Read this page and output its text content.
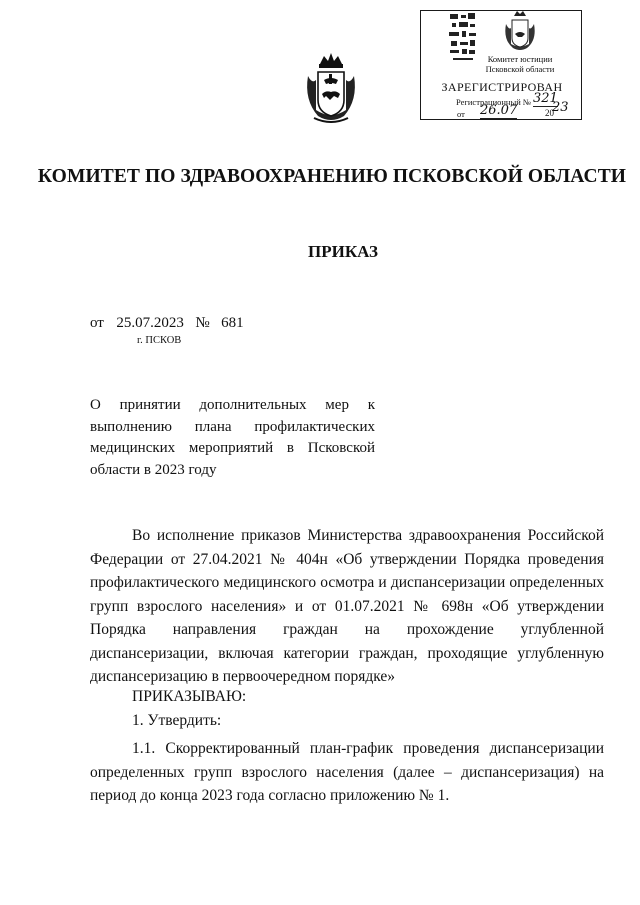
Комитет юстиции
Псковской области
ЗАРЕГИСТРИРОВАН
Регистрационный № 321
от 26.07	20
23
КОМИТЕТ ПО ЗДРАВООХРАНЕНИЮ ПСКОВСКОЙ ОБЛАСТИ
ПРИКАЗ
от 25.07.2023 № 681
г. ПСКОВ
О принятии дополнительных мер к выполнению плана профилактических медицинских мероприятий в Псковской области в 2023 году
Во исполнение приказов Министерства здравоохранения Российской Федерации от 27.04.2021 № 404н «Об утверждении Порядка проведения профилактического медицинского осмотра и диспансеризации определенных групп взрослого населения» и от 01.07.2021 № 698н «Об утверждении Порядка направления граждан на прохождение углубленной диспансеризации, включая категории граждан, проходящие углубленную диспансеризацию в первоочередном порядке»
ПРИКАЗЫВАЮ:
1. Утвердить:
1.1. Скорректированный план-график проведения диспансеризации определенных групп взрослого населения (далее – диспансеризация) на период до конца 2023 года согласно приложению № 1.
